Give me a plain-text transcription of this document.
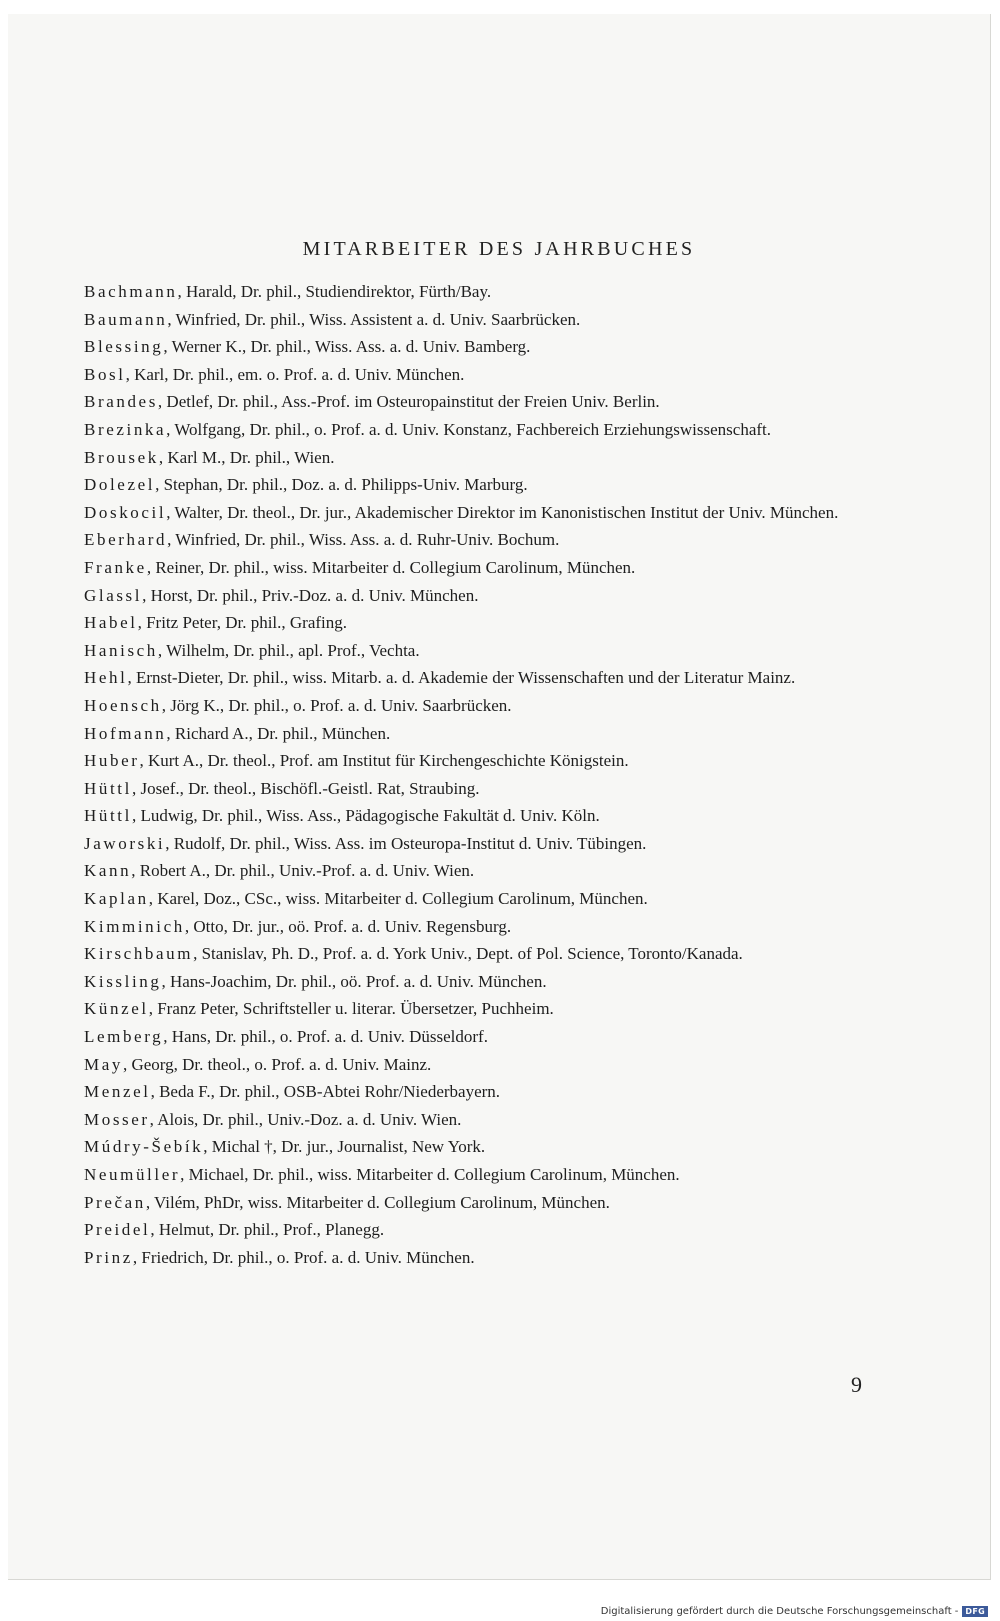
MITARBEITER DES JAHRBUCHES
Bachmann, Harald, Dr. phil., Studiendirektor, Fürth/Bay.
Baumann, Winfried, Dr. phil., Wiss. Assistent a. d. Univ. Saarbrücken.
Blessing, Werner K., Dr. phil., Wiss. Ass. a. d. Univ. Bamberg.
Bosl, Karl, Dr. phil., em. o. Prof. a. d. Univ. München.
Brandes, Detlef, Dr. phil., Ass.-Prof. im Osteuropainstitut der Freien Univ. Berlin.
Brezinka, Wolfgang, Dr. phil., o. Prof. a. d. Univ. Konstanz, Fachbereich Erziehungswissenschaft.
Brousek, Karl M., Dr. phil., Wien.
Dolezel, Stephan, Dr. phil., Doz. a. d. Philipps-Univ. Marburg.
Doskocil, Walter, Dr. theol., Dr. jur., Akademischer Direktor im Kanonistischen Institut der Univ. München.
Eberhard, Winfried, Dr. phil., Wiss. Ass. a. d. Ruhr-Univ. Bochum.
Franke, Reiner, Dr. phil., wiss. Mitarbeiter d. Collegium Carolinum, München.
Glassl, Horst, Dr. phil., Priv.-Doz. a. d. Univ. München.
Habel, Fritz Peter, Dr. phil., Grafing.
Hanisch, Wilhelm, Dr. phil., apl. Prof., Vechta.
Hehl, Ernst-Dieter, Dr. phil., wiss. Mitarb. a. d. Akademie der Wissenschaften und der Literatur Mainz.
Hoensch, Jörg K., Dr. phil., o. Prof. a. d. Univ. Saarbrücken.
Hofmann, Richard A., Dr. phil., München.
Huber, Kurt A., Dr. theol., Prof. am Institut für Kirchengeschichte Königstein.
Hüttl, Josef., Dr. theol., Bischöfl.-Geistl. Rat, Straubing.
Hüttl, Ludwig, Dr. phil., Wiss. Ass., Pädagogische Fakultät d. Univ. Köln.
Jaworski, Rudolf, Dr. phil., Wiss. Ass. im Osteuropa-Institut d. Univ. Tübingen.
Kann, Robert A., Dr. phil., Univ.-Prof. a. d. Univ. Wien.
Kaplan, Karel, Doz., CSc., wiss. Mitarbeiter d. Collegium Carolinum, München.
Kimminich, Otto, Dr. jur., oö. Prof. a. d. Univ. Regensburg.
Kirschbaum, Stanislav, Ph. D., Prof. a. d. York Univ., Dept. of Pol. Science, Toronto/Kanada.
Kissling, Hans-Joachim, Dr. phil., oö. Prof. a. d. Univ. München.
Künzel, Franz Peter, Schriftsteller u. literar. Übersetzer, Puchheim.
Lemberg, Hans, Dr. phil., o. Prof. a. d. Univ. Düsseldorf.
May, Georg, Dr. theol., o. Prof. a. d. Univ. Mainz.
Menzel, Beda F., Dr. phil., OSB-Abtei Rohr/Niederbayern.
Mosser, Alois, Dr. phil., Univ.-Doz. a. d. Univ. Wien.
Múdry-Šebík, Michal †, Dr. jur., Journalist, New York.
Neumüller, Michael, Dr. phil., wiss. Mitarbeiter d. Collegium Carolinum, München.
Prečan, Vilém, PhDr, wiss. Mitarbeiter d. Collegium Carolinum, München.
Preidel, Helmut, Dr. phil., Prof., Planegg.
Prinz, Friedrich, Dr. phil., o. Prof. a. d. Univ. München.
9
Digitalisierung gefördert durch die Deutsche Forschungsgemeinschaft - DFG
